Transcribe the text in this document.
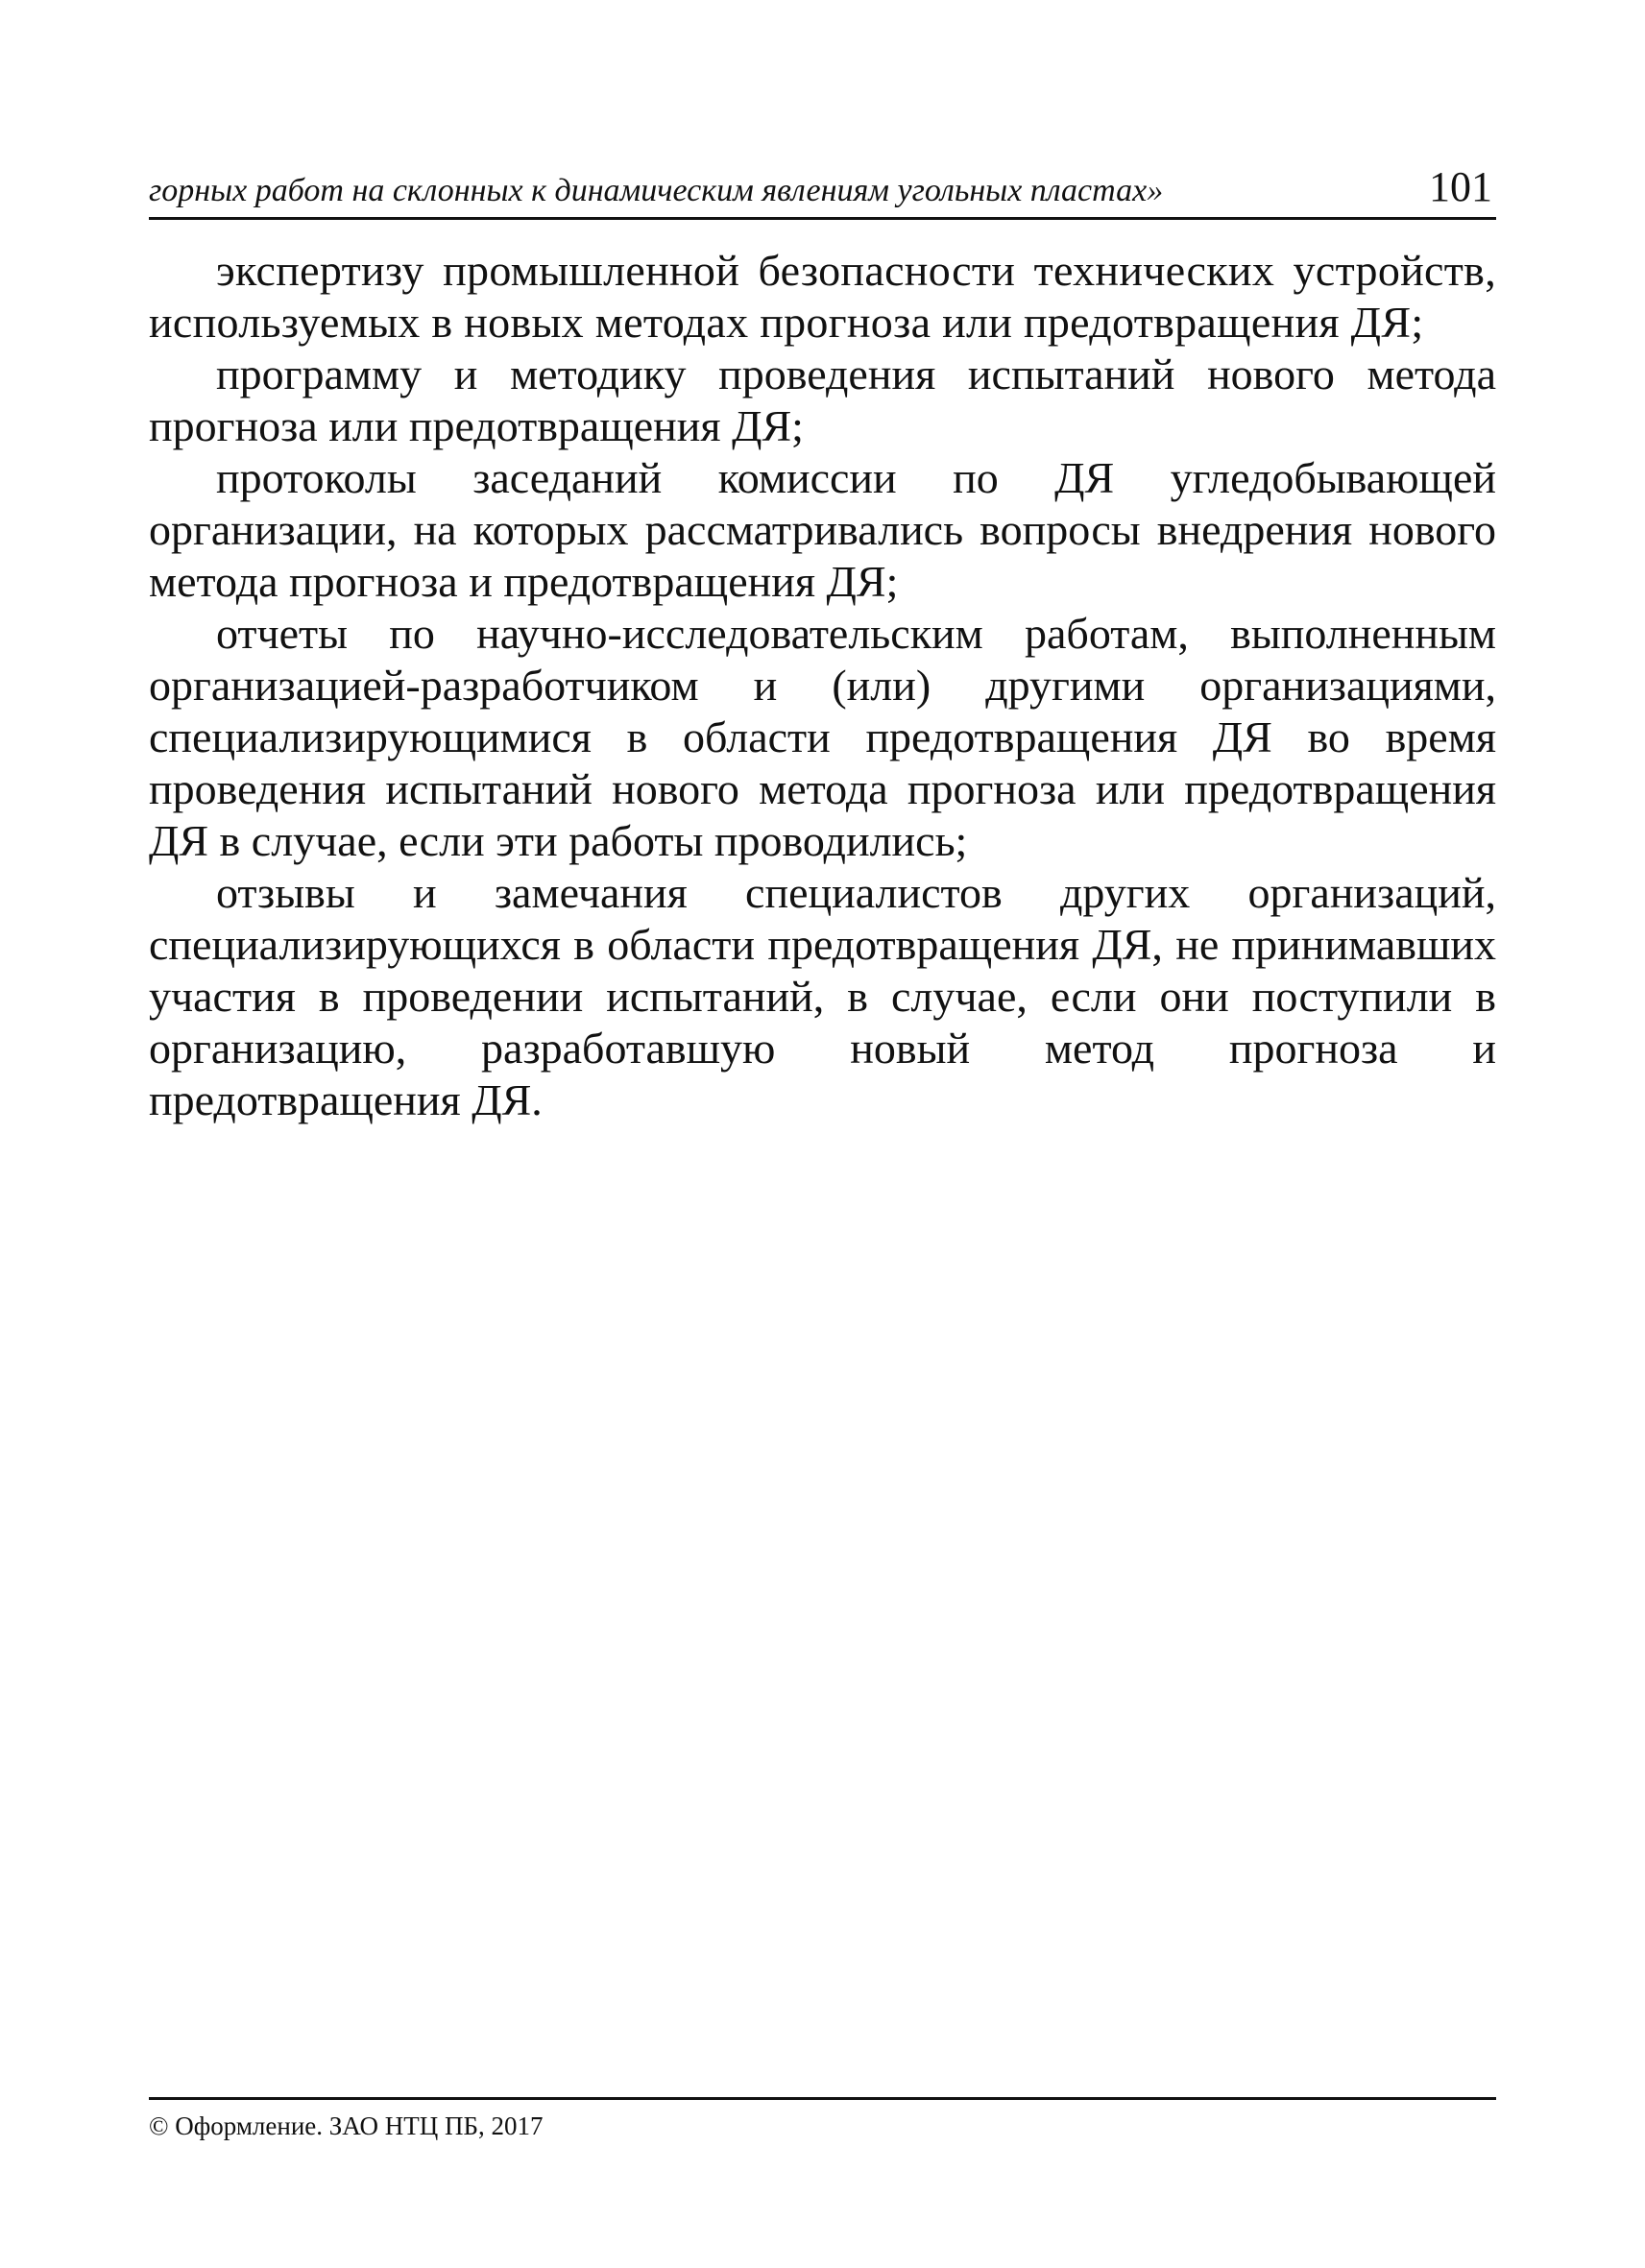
горных работ на склонных к динамическим явлениям угольных пластах»	101

экспертизу промышленной безопасности технических устройств, используемых в новых методах прогноза или предотвращения ДЯ;

программу и методику проведения испытаний нового метода прогноза или предотвращения ДЯ;

протоколы заседаний комиссии по ДЯ угледобывающей организации, на которых рассматривались вопросы внедрения нового метода прогноза и предотвращения ДЯ;

отчеты по научно-исследовательским работам, выполненным организацией-разработчиком и (или) другими организациями, специализирующимися в области предотвращения ДЯ во время проведения испытаний нового метода прогноза или предотвращения ДЯ в случае, если эти работы проводились;

отзывы и замечания специалистов других организаций, специализирующихся в области предотвращения ДЯ, не принимавших участия в проведении испытаний, в случае, если они поступили в организацию, разработавшую новый метод прогноза и предотвращения ДЯ.

© Оформление. ЗАО НТЦ ПБ, 2017
